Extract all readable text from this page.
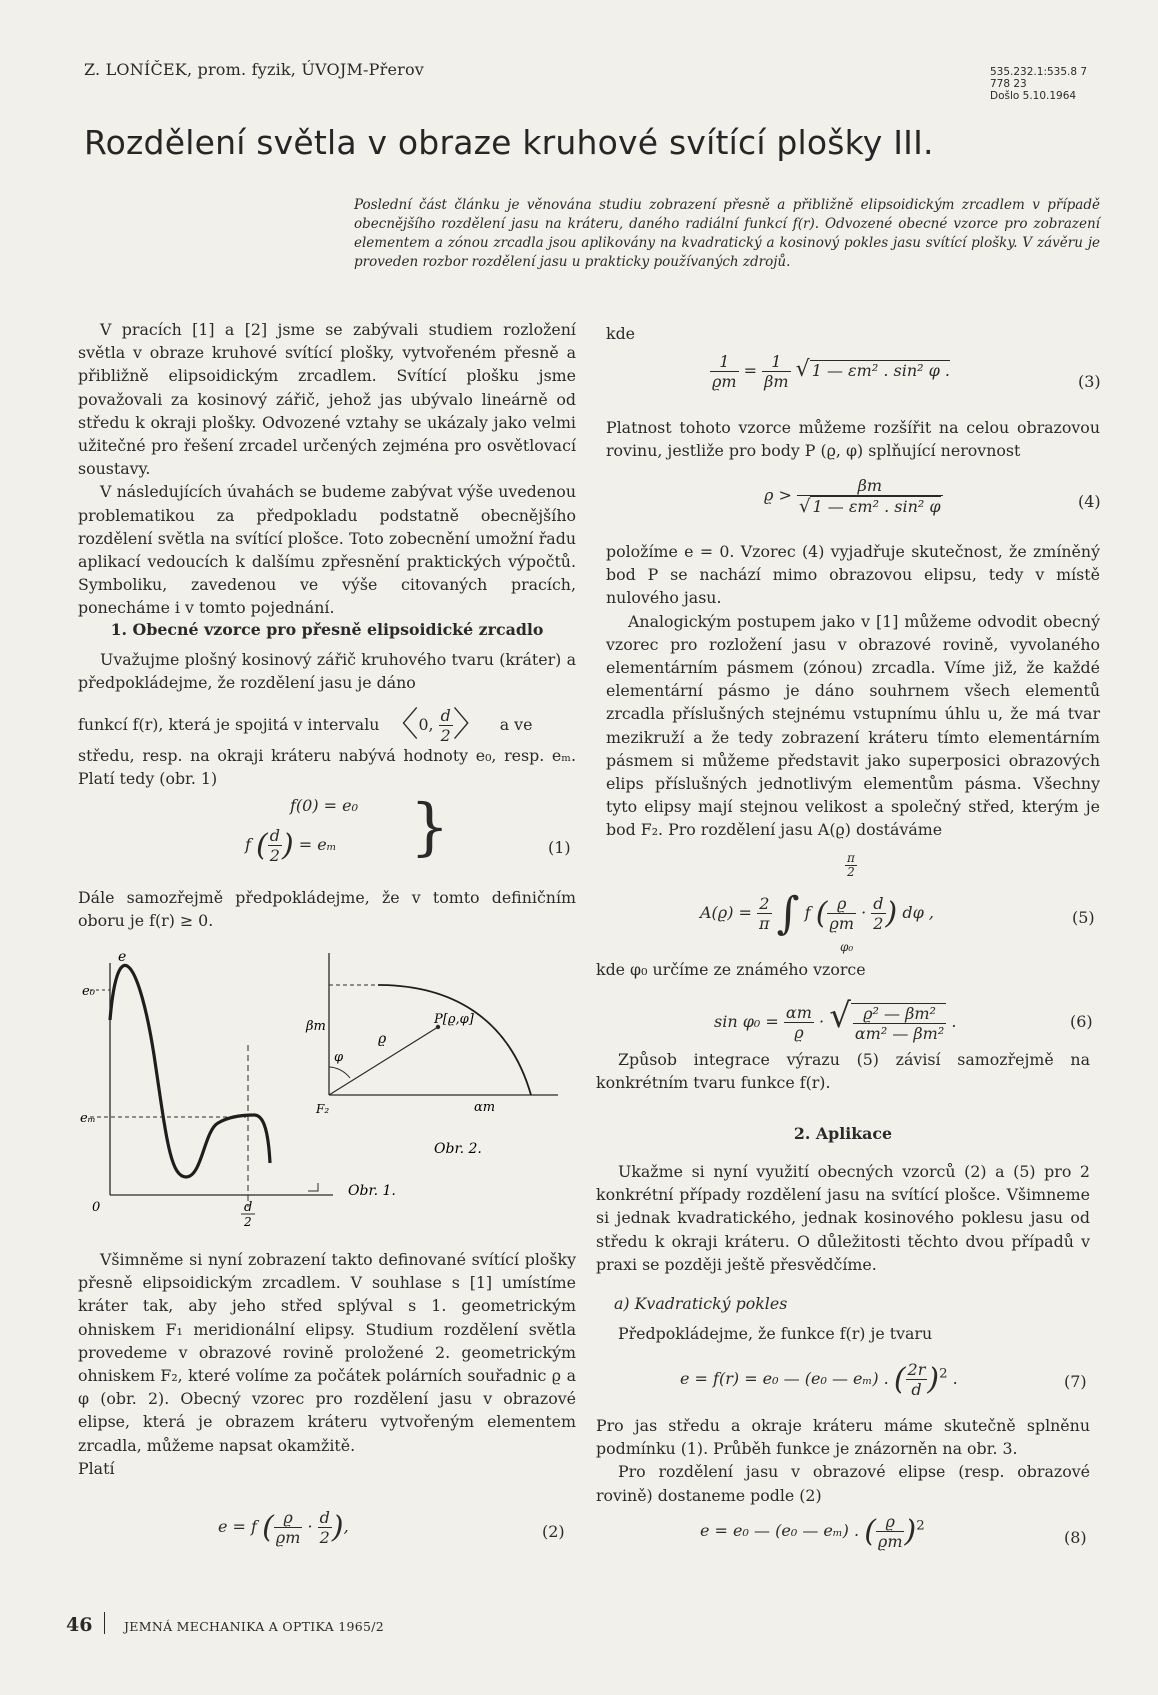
Z. LONÍČEK, prom. fyzik, ÚVOJM-Přerov	535.232.1:535.8 7
778 23
Došlo 5.10.1964
Rozdělení světla v obraze kruhové svítící plošky III.
Poslední část článku je věnována studiu zobrazení přesně a přibližně elipsoidickým zrcadlem v případě obecnějšího rozdělení jasu na kráteru, daného radiální funkcí f(r). Odvozené obecné vzorce pro zobrazení elementem a zónou zrcadla jsou aplikovány na kvadratický a kosinový pokles jasu svítící plošky. V závěru je proveden rozbor rozdělení jasu u prakticky používaných zdrojů.

V pracích [1] a [2] jsme se zabývali studiem rozložení světla v obraze kruhové svítící plošky, vytvořeném přesně a přibližně elipsoidickým zrcadlem. Svítící plošku jsme považovali za kosinový zářič, jehož jas ubývalo lineárně od středu k okraji plošky. Odvozené vztahy se ukázaly jako velmi užitečné pro řešení zrcadel určených zejména pro osvětlovací soustavy.

V následujících úvahách se budeme zabývat výše uvedenou problematikou za předpokladu podstatně obecnějšího rozdělení světla na svítící plošce. Toto zobecnění umožní řadu aplikací vedoucích k dalšímu zpřesnění praktických výpočtů. Symboliku, zavedenou ve výše citovaných pracích, ponecháme i v tomto pojednání.

1. Obecné vzorce pro přesně elipsoidické zrcadlo

Uvažujme plošný kosinový zářič kruhového tvaru (kráter) a předpokládejme, že rozdělení jasu je dáno

funkcí f(r), která je spojitá v intervalu 〈0, $\frac{d}{2}$ 〉 a ve

středu, resp. na okraji kráteru nabývá hodnoty e₀, resp. eₘ. Platí tedy (obr. 1)

f(0) = e₀
f ( $\frac{d}{2}$ ) = eₘ }	(1)

Dále samozřejmě předpokládejme, že v tomto definičním oboru je f(r) ≥ 0.

e
e₀
eₘ
0	d
2
Obr. 1.
βm	P[ϱ,φ]
ϱ
φ
F₂	αm
Obr. 2.

Všimněme si nyní zobrazení takto definované svítící plošky přesně elipsoidickým zrcadlem. V souhlase s [1] umístíme kráter tak, aby jeho střed splýval s 1. geometrickým ohniskem F₁ meridionální elipsy. Studium rozdělení světla provedeme v obrazové rovině proložené 2. geometrickým ohniskem F₂, které volíme za počátek polárních souřadnic ϱ a φ (obr. 2). Obecný vzorec pro rozdělení jasu v obrazové elipse, která je obrazem kráteru vytvořeným elementem zrcadla, můžeme napsat okamžitě.

Platí

e = f ( $\frac{ϱ}{ϱm} \cdot \frac{d}{2}$ ),	(2)
46	JEMNÁ MECHANIKA A OPTIKA 1965/2
kde
$\frac{1}{ϱm} = \frac{1}{\beta m}$ √ 1 — εm² . sin² φ .
(3)

Platnost tohoto vzorce můžeme rozšířit na celou obrazovou rovinu, jestliže pro body P (ϱ, φ) splňující nerovnost

$ϱ > \frac{\beta m}{\text{√ 1 — εm² . sin² φ}}$	(4)

položíme e = 0. Vzorec (4) vyjadřuje skutečnost, že zmíněný bod P se nachází mimo obrazovou elipsu, tedy v místě nulového jasu.

Analogickým postupem jako v [1] můžeme odvodit obecný vzorec pro rozložení jasu v obrazové rovině, vyvolaného elementárním pásmem (zónou) zrcadla. Víme již, že každé elementární pásmo je dáno souhrnem všech elementů zrcadla příslušných stejnému vstupnímu úhlu u, že má tvar mezikruží a že tedy zobrazení kráteru tímto elementárním pásmem si můžeme představit jako superposici obrazových elips příslušných jednotlivým elementům pásma. Všechny tyto elipsy mají stejnou velikost a společný střed, kterým je bod F₂. Pro rozdělení jasu A(ϱ) dostáváme

$\frac{\pi}{2}$
$A(ϱ) = \frac{2}{\pi}$ ∫ f ( $\frac{ϱ}{ϱm} \cdot \frac{d}{2}$ ) dφ ,
φ₀
(5)

kde φ₀ určíme ze známého vzorce

$\sin \varphi_0 = \frac{\alpha m}{ϱ}$ · √ $\frac{\text{ϱ² — βm²}}{\text{αm² — βm²}}$ .	(6)

Způsob integrace výrazu (5) závisí samozřejmě na konkrétním tvaru funkce f(r).

2. Aplikace

Ukažme si nyní využití obecných vzorců (2) a (5) pro 2 konkrétní případy rozdělení jasu na svítící plošce. Všimneme si jednak kvadratického, jednak kosinového poklesu jasu od středu k okraji kráteru. O důležitosti těchto dvou případů v praxi se později ještě přesvědčíme.

a) Kvadratický pokles

Předpokládejme, že funkce f(r) je tvaru

e = f(r) = e₀ — (e₀ — eₘ) . ( $\frac{2r}{d} )^2$ .	(7)

Pro jas středu a okraje kráteru máme skutečně splněnu podmínku (1). Průběh funkce je znázorněn na obr. 3.

Pro rozdělení jasu v obrazové elipse (resp. obrazové rovině) dostaneme podle (2)

e = e₀ — (e₀ — eₘ) . ( $\frac{ϱ}{ϱm} )^2$
(8)
